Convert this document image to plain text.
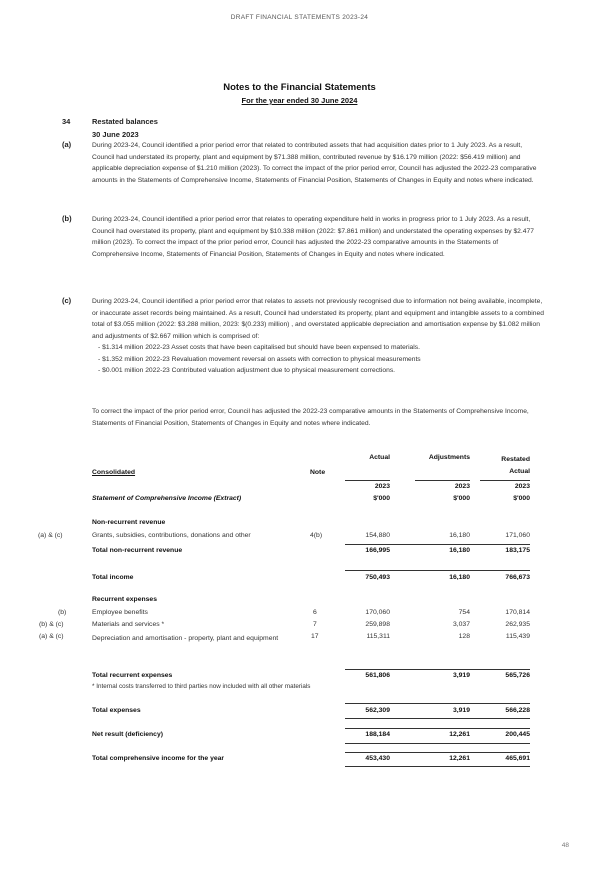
DRAFT FINANCIAL STATEMENTS 2023-24
Notes to the Financial Statements
For the year ended 30 June 2024
34	Restated balances
30 June 2023
(a)	During 2023-24, Council identified a prior period error that related to contributed assets that had acquisition dates prior to 1 July 2023. As a result, Council had understated its property, plant and equipment by $71.388 million, contributed revenue by $16.179 million (2022: $56.419 million) and applicable depreciation expense of $1.210 million (2023). To correct the impact of the prior period error, Council has adjusted the 2022-23 comparative amounts in the Statements of Comprehensive Income, Statements of Financial Position, Statements of Changes in Equity and notes where indicated.
(b)	During 2023-24, Council identified a prior period error that relates to operating expenditure held in works in progress prior to 1 July 2023. As a result, Council had overstated its property, plant and equipment by $10.338 million (2022: $7.861 million) and understated the operating expenses by $2.477 million (2023). To correct the impact of the prior period error, Council has adjusted the 2022-23 comparative amounts in the Statements of Comprehensive Income, Statements of Financial Position, Statements of Changes in Equity and notes where indicated.
(c)	During 2023-24, Council identified a prior period error that relates to assets not previously recognised due to information not being available, incomplete, or inaccurate asset records being maintained. As a result, Council had understated its property, plant and equipment and intangible assets to a combined total of $3.055 million (2022: $3.288 million, 2023: $(0.233) million) , and overstated applicable depreciation and amortisation expense by $1.082 million and adjustments of $2.667 million which is comprised of:
- $1.314 million 2022-23 Asset costs that have been capitalised but should have been expensed to materials.
- $1.352 million 2022-23 Revaluation movement reversal on assets with correction to physical measurements
- $0.001 million 2022-23 Contributed valuation adjustment due to physical measurement corrections.
To correct the impact of the prior period error, Council has adjusted the 2022-23 comparative amounts in the Statements of Comprehensive Income, Statements of Financial Position, Statements of Changes in Equity and notes where indicated.
Actual	Adjustments	Restated Actual
Consolidated	Note
2023	2023	2023
Statement of Comprehensive Income (Extract)	$'000	$'000	$'000
Non-recurrent revenue
(a) & (c)	Grants, subsidies, contributions, donations and other	4(b)	154,880	16,180	171,060
Total non-recurrent revenue	166,995	16,180	183,175
Total income	750,493	16,180	766,673
Recurrent expenses
(b)	Employee benefits	6	170,060	754	170,814
(b) & (c)	Materials and services *	7	259,898	3,037	262,935
(a) & (c)	Depreciation and amortisation - property, plant and equipment	17	115,311	128	115,439
Total recurrent expenses	561,806	3,919	565,726
* Internal costs transferred to third parties now included with all other materials
Total expenses	562,309	3,919	566,228
Net result (deficiency)	188,184	12,261	200,445
Total comprehensive income for the year	453,430	12,261	465,691
48
